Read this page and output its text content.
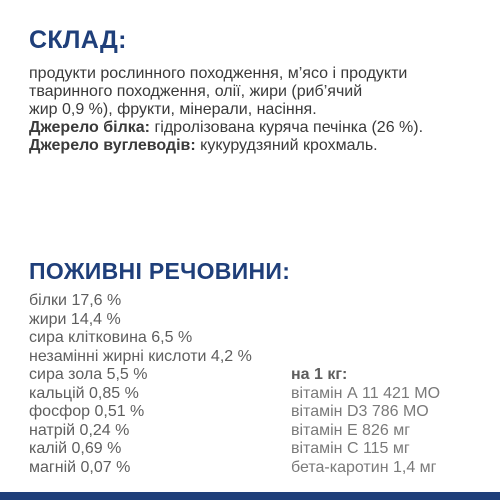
СКЛАД:
продукти рослинного походження, м’ясо і продукти
тваринного походження, олії, жири (риб’ячий
жир 0,9 %), фрукти, мінерали, насіння.
Джерело білка: гідролізована куряча печінка (26 %).
Джерело вуглеводів: кукурудзяний крохмаль.
ПОЖИВНІ РЕЧОВИНИ:
білки 17,6 %
жири 14,4 %
сира клітковина 6,5 %
незамінні жирні кислоти 4,2 %
сира зола 5,5 %
кальцій 0,85 %
фосфор 0,51 %
натрій 0,24 %
калій 0,69 %
магній 0,07 %
на 1 кг:
вітамін А 11 421 МО
вітамін D3 786 МО
вітамін Е 826 мг
вітамін С 115 мг
бета-каротин 1,4 мг
